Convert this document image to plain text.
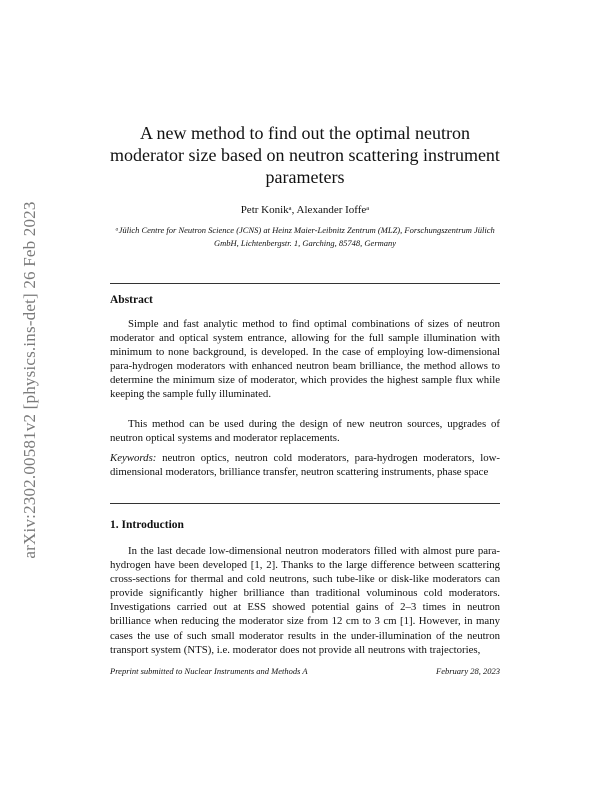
arXiv:2302.00581v2 [physics.ins-det] 26 Feb 2023
A new method to find out the optimal neutron moderator size based on neutron scattering instrument parameters
Petr Konikᵃ, Alexander Ioffeᵃ
ᵃJülich Centre for Neutron Science (JCNS) at Heinz Maier-Leibnitz Zentrum (MLZ), Forschungszentrum Jülich GmbH, Lichtenbergstr. 1, Garching, 85748, Germany
Abstract

Simple and fast analytic method to find optimal combinations of sizes of neutron moderator and optical system entrance, allowing for the full sample illumination with minimum to none background, is developed. In the case of employing low-dimensional para-hydrogen moderators with enhanced neutron beam brilliance, the method allows to determine the minimum size of moderator, which provides the highest sample flux while keeping the sample fully illuminated.

This method can be used during the design of new neutron sources, upgrades of neutron optical systems and moderator replacements.

Keywords: neutron optics, neutron cold moderators, para-hydrogen moderators, low-dimensional moderators, brilliance transfer, neutron scattering instruments, phase space

1. Introduction

In the last decade low-dimensional neutron moderators filled with almost pure para-hydrogen have been developed [1, 2]. Thanks to the large difference between scattering cross-sections for thermal and cold neutrons, such tube-like or disk-like moderators can provide significantly higher brilliance than traditional voluminous cold moderators. Investigations carried out at ESS showed potential gains of 2–3 times in neutron brilliance when reducing the moderator size from 12 cm to 3 cm [1]. However, in many cases the use of such small moderator results in the under-illumination of the neutron transport system (NTS), i.e. moderator does not provide all neutrons with trajectories,

Preprint submitted to Nuclear Instruments and Methods A	February 28, 2023
